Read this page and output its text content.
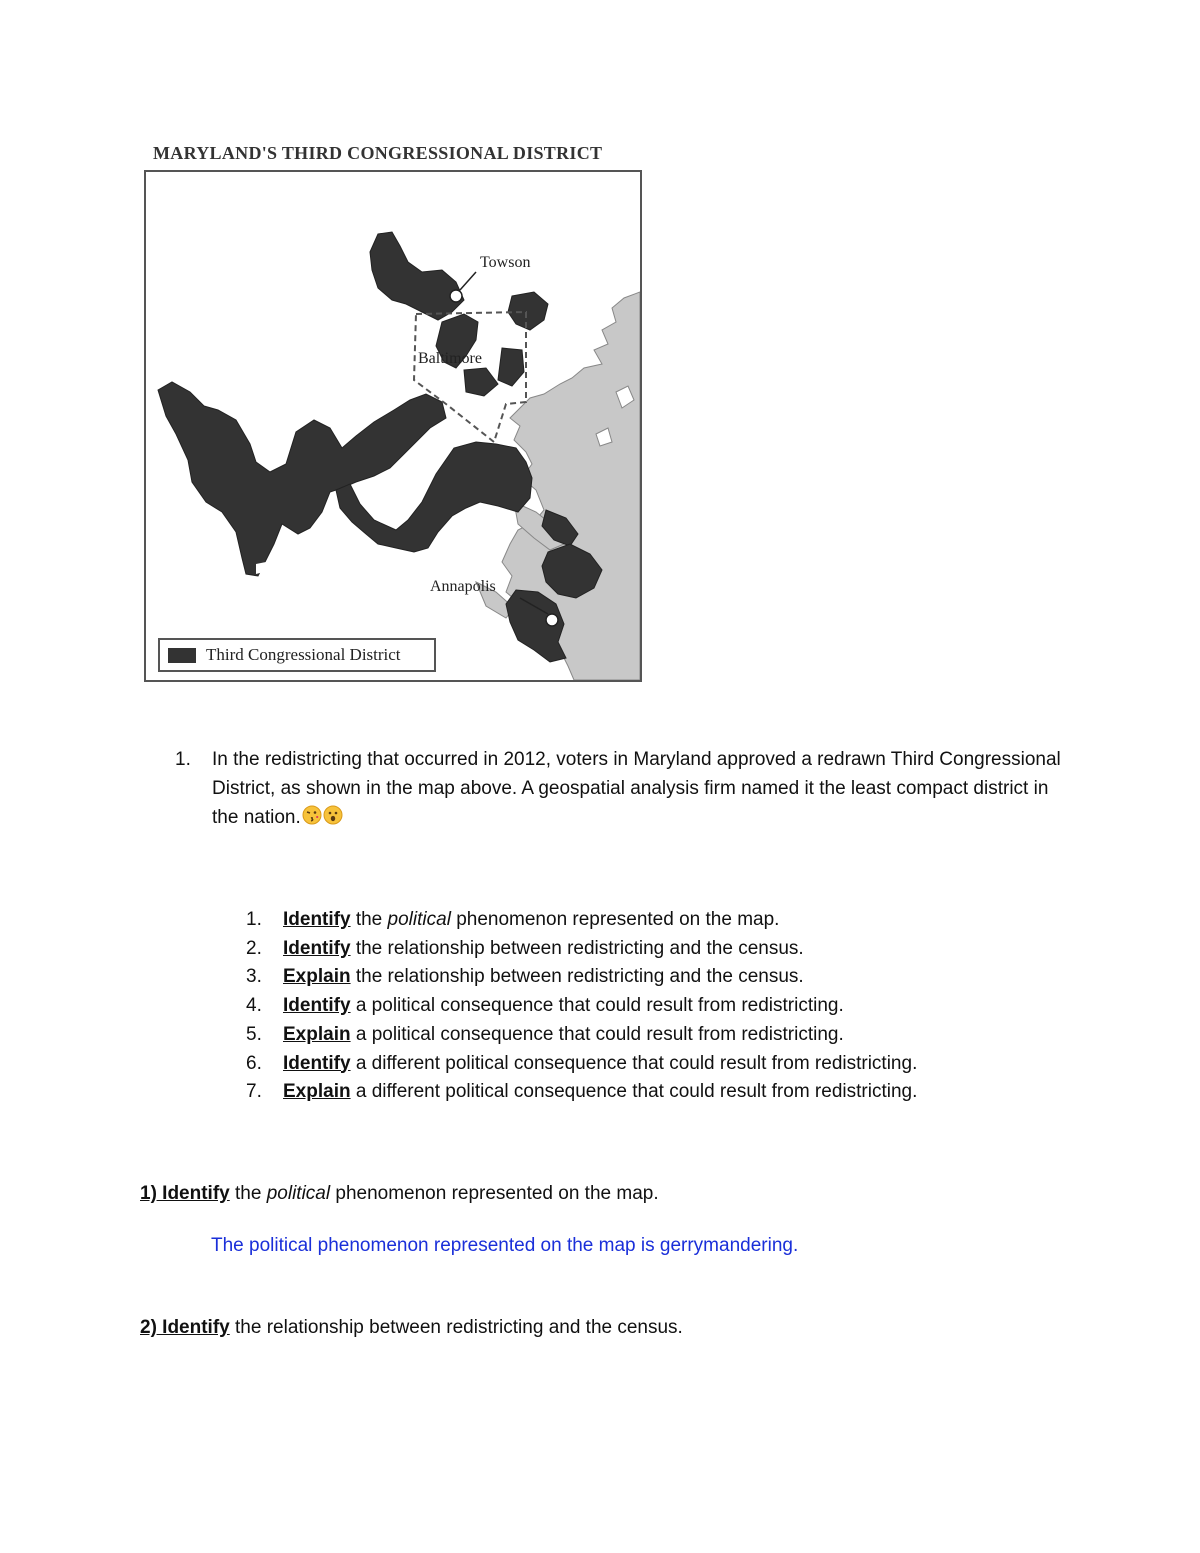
MARYLAND'S THIRD CONGRESSIONAL DISTRICT
Towson
Baltimore
Annapolis
Third Congressional District
1. In the redistricting that occurred in 2012, voters in Maryland approved a redrawn Third Congressional District, as shown in the map above. A geospatial analysis firm named it the least compact district in the nation.
1. Identify the political phenomenon represented on the map.
2. Identify the relationship between redistricting and the census.
3. Explain the relationship between redistricting and the census.
4. Identify a political consequence that could result from redistricting.
5. Explain a political consequence that could result from redistricting.
6. Identify a different political consequence that could result from redistricting.
7. Explain a different political consequence that could result from redistricting.
1) Identify the political phenomenon represented on the map.
The political phenomenon represented on the map is gerrymandering.
2) Identify the relationship between redistricting and the census.
